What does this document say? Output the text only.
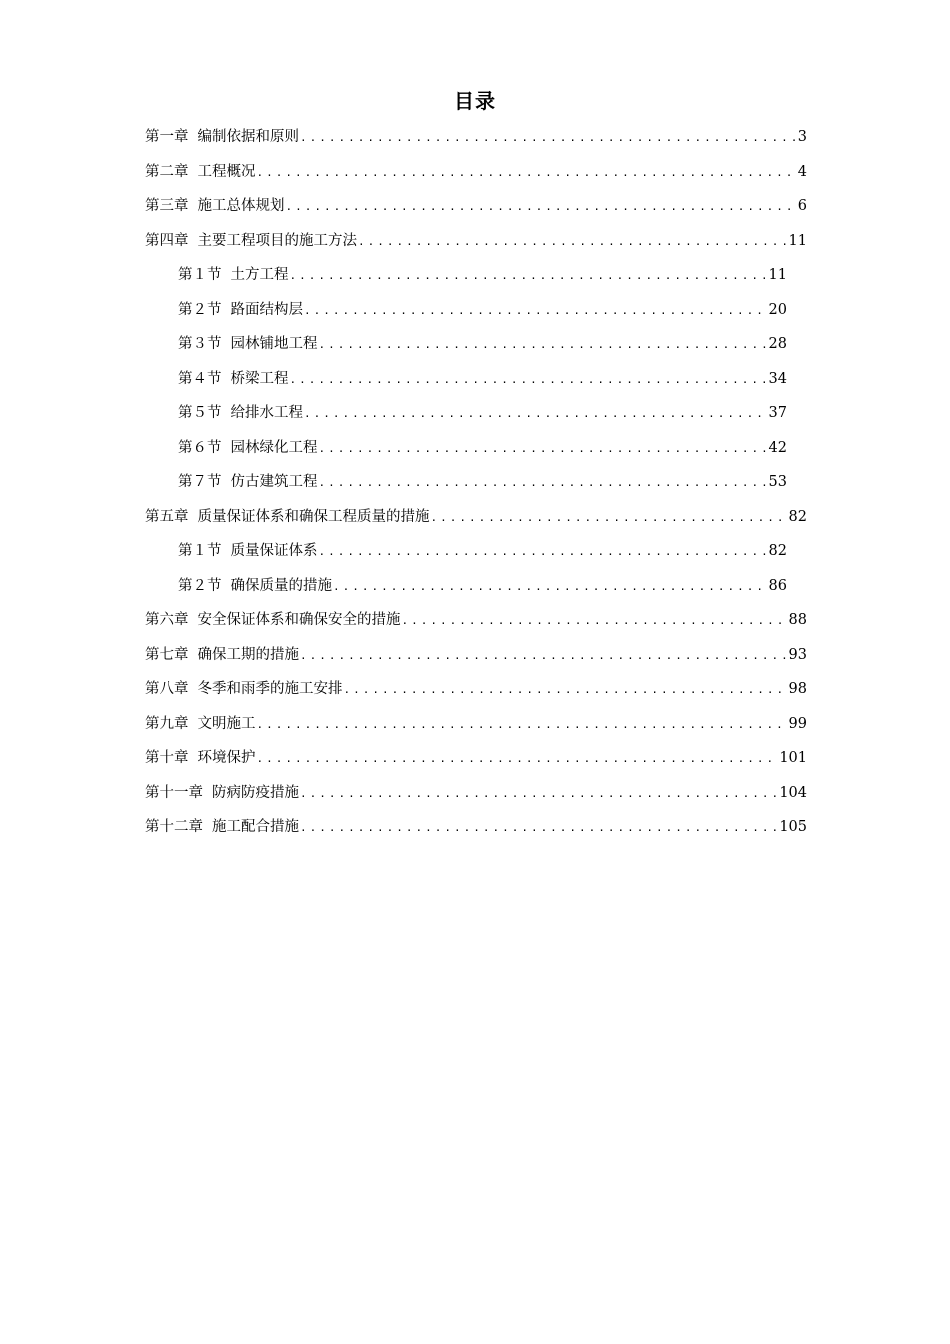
目录
第一章 编制依据和原则 .....	3
第二章 工程概况 .....	4
第三章 施工总体规划 .....	6
第四章 主要工程项目的施工方法 .....	11
第１节 土方工程 .....	11
第２节 路面结构层 .....	20
第３节 园林铺地工程 .....	28
第４节 桥梁工程 .....	34
第５节 给排水工程 .....	37
第６节 园林绿化工程 .....	42
第７节 仿古建筑工程 .....	53
第五章 质量保证体系和确保工程质量的措施 .....	82
第１节 质量保证体系 .....	82
第２节 确保质量的措施 .....	86
第六章 安全保证体系和确保安全的措施 .....	88
第七章 确保工期的措施 .....	93
第八章 冬季和雨季的施工安排 .....	98
第九章 文明施工 .....	99
第十章 环境保护 .....	101
第十一章 防病防疫措施 .....	104
第十二章 施工配合措施 .....	105
